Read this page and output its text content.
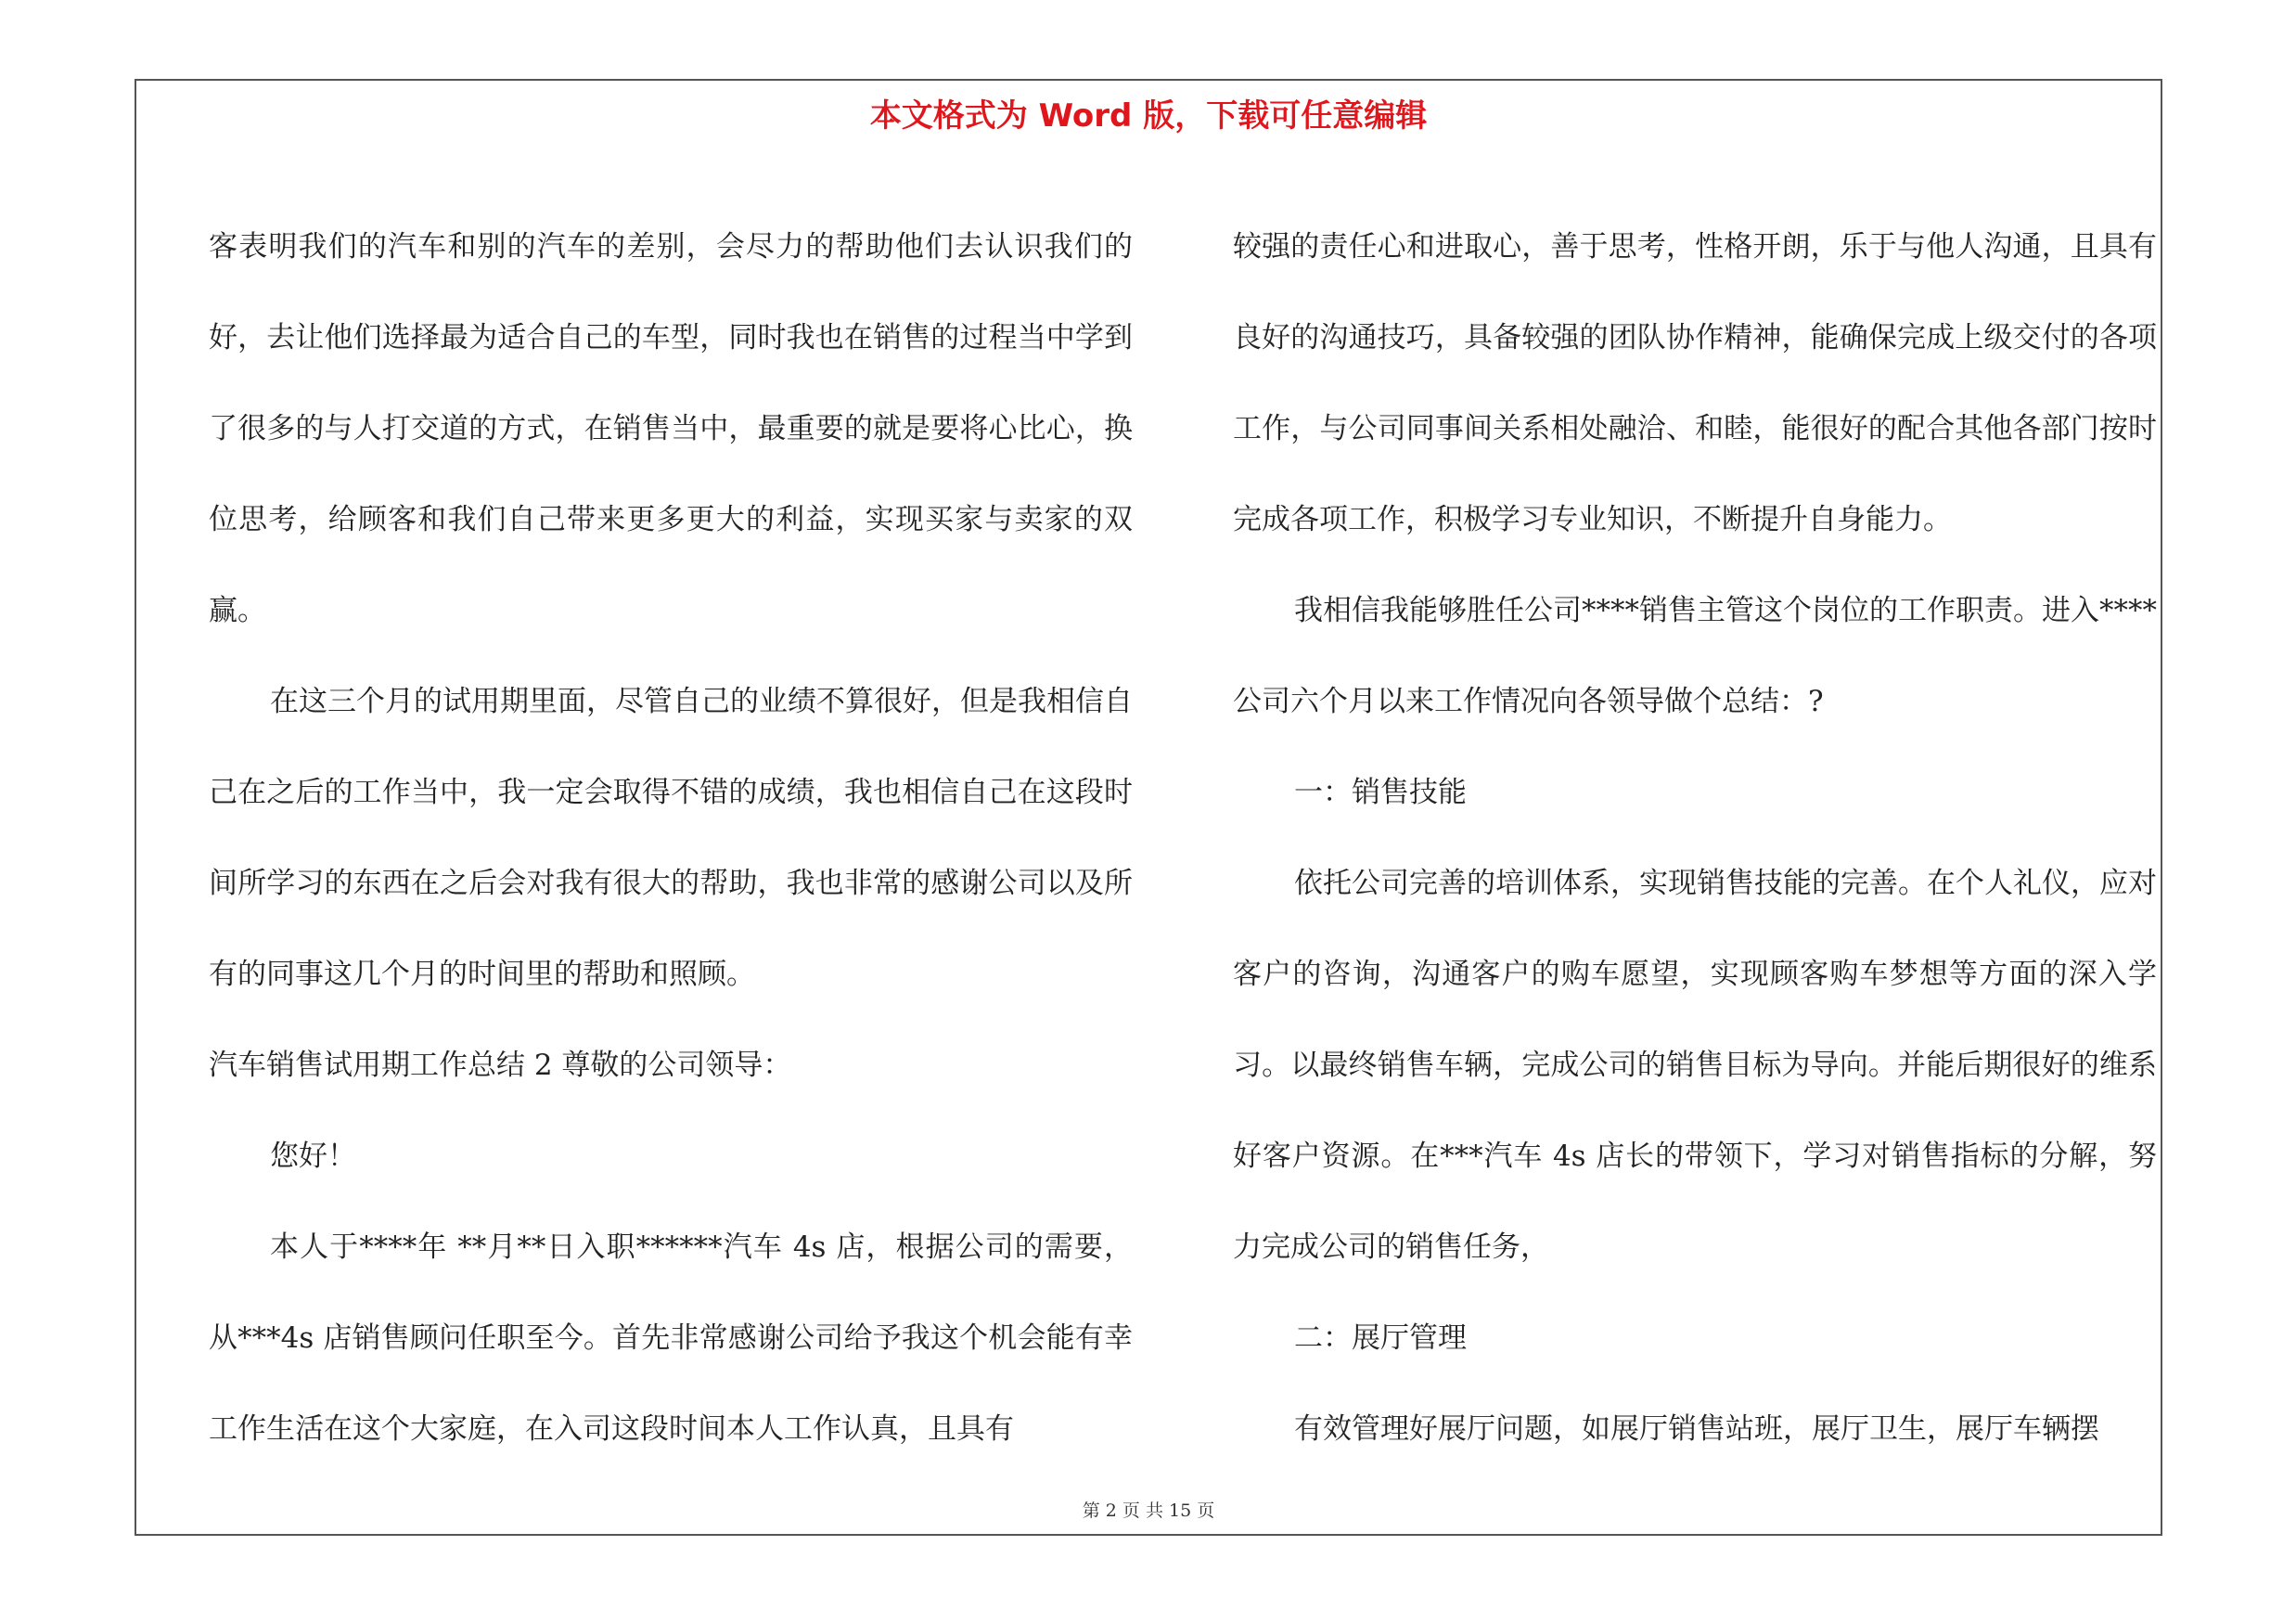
本文格式为 Word 版，下载可任意编辑

客表明我们的汽车和别的汽车的差别，会尽力的帮助他们去认识我们的好，去让他们选择最为适合自己的车型，同时我也在销售的过程当中学到了很多的与人打交道的方式，在销售当中，最重要的就是要将心比心，换位思考，给顾客和我们自己带来更多更大的利益，实现买家与卖家的双赢。

在这三个月的试用期里面，尽管自己的业绩不算很好，但是我相信自己在之后的工作当中，我一定会取得不错的成绩，我也相信自己在这段时间所学习的东西在之后会对我有很大的帮助，我也非常的感谢公司以及所有的同事这几个月的时间里的帮助和照顾。

汽车销售试用期工作总结 2 尊敬的公司领导：

您好！

本人于****年 **月**日入职******汽车 4s 店，根据公司的需要，从***4s 店销售顾问任职至今。首先非常感谢公司给予我这个机会能有幸工作生活在这个大家庭，在入司这段时间本人工作认真，且具有

较强的责任心和进取心，善于思考，性格开朗，乐于与他人沟通，且具有良好的沟通技巧，具备较强的团队协作精神，能确保完成上级交付的各项工作，与公司同事间关系相处融洽、和睦，能很好的配合其他各部门按时完成各项工作，积极学习专业知识，不断提升自身能力。

我相信我能够胜任公司****销售主管这个岗位的工作职责。进入****公司六个月以来工作情况向各领导做个总结：?

一：销售技能

依托公司完善的培训体系，实现销售技能的完善。在个人礼仪，应对客户的咨询，沟通客户的购车愿望，实现顾客购车梦想等方面的深入学习。以最终销售车辆，完成公司的销售目标为导向。并能后期很好的维系好客户资源。在***汽车 4s 店长的带领下，学习对销售指标的分解，努力完成公司的销售任务，

二：展厅管理

有效管理好展厅问题，如展厅销售站班，展厅卫生，展厅车辆摆

第 2 页 共 15 页
